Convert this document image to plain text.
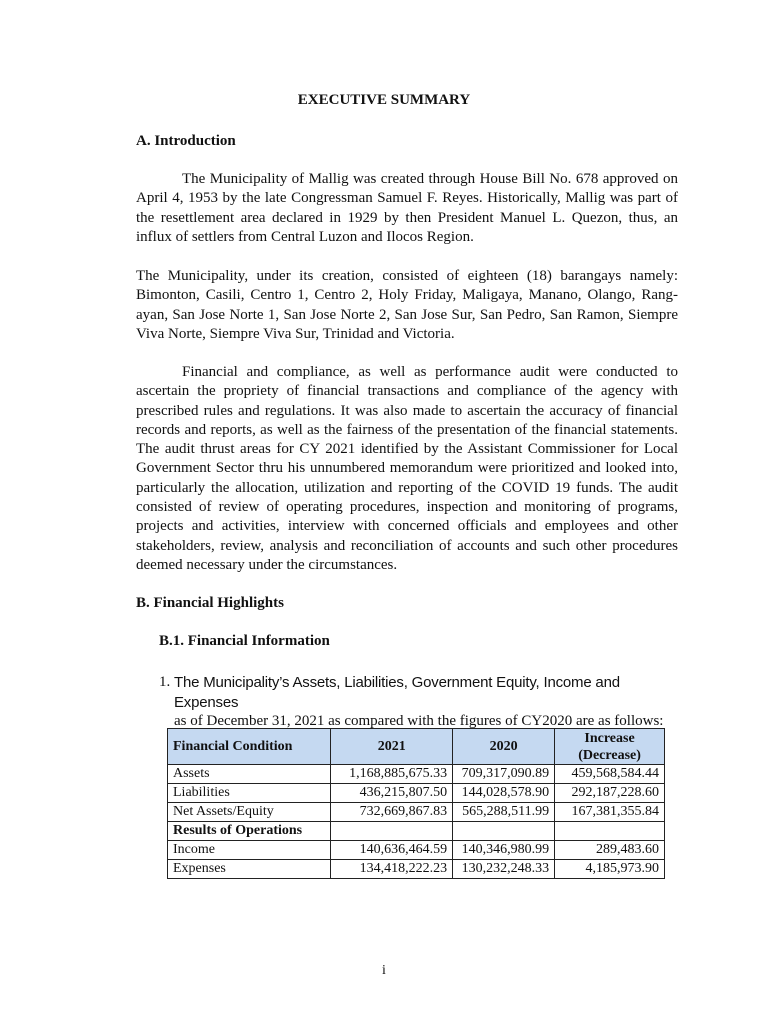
EXECUTIVE SUMMARY
A. Introduction
The Municipality of Mallig was created through House Bill No. 678 approved on April 4, 1953 by the late Congressman Samuel F. Reyes. Historically, Mallig was part of the resettlement area declared in 1929 by then President Manuel L. Quezon, thus, an influx of settlers from Central Luzon and Ilocos Region.
The Municipality, under its creation, consisted of eighteen (18) barangays namely: Bimonton, Casili, Centro 1, Centro 2, Holy Friday, Maligaya, Manano, Olango, Rang-ayan, San Jose Norte 1, San Jose Norte 2, San Jose Sur, San Pedro, San Ramon, Siempre Viva Norte, Siempre Viva Sur, Trinidad and Victoria.
Financial and compliance, as well as performance audit were conducted to ascertain the propriety of financial transactions and compliance of the agency with prescribed rules and regulations. It was also made to ascertain the accuracy of financial records and reports, as well as the fairness of the presentation of the financial statements. The audit thrust areas for CY 2021 identified by the Assistant Commissioner for Local Government Sector thru his unnumbered memorandum were prioritized and looked into, particularly the allocation, utilization and reporting of the COVID 19 funds. The audit consisted of review of operating procedures, inspection and monitoring of programs, projects and activities, interview with concerned officials and employees and other stakeholders, review, analysis and reconciliation of accounts and such other procedures deemed necessary under the circumstances.
B. Financial Highlights
B.1. Financial Information
1. The Municipality’s Assets, Liabilities, Government Equity, Income and Expenses
as of December 31, 2021 as compared with the figures of CY2020 are as follows:
Financial Condition	2021	2020	Increase
(Decrease)

Assets	1,168,885,675.33	709,317,090.89	459,568,584.44
Liabilities	436,215,807.50	144,028,578.90	292,187,228.60
Net Assets/Equity	732,669,867.83	565,288,511.99	167,381,355.84
Results of Operations			
Income	140,636,464.59	140,346,980.99	289,483.60
Expenses	134,418,222.23	130,232,248.33	4,185,973.90
i
